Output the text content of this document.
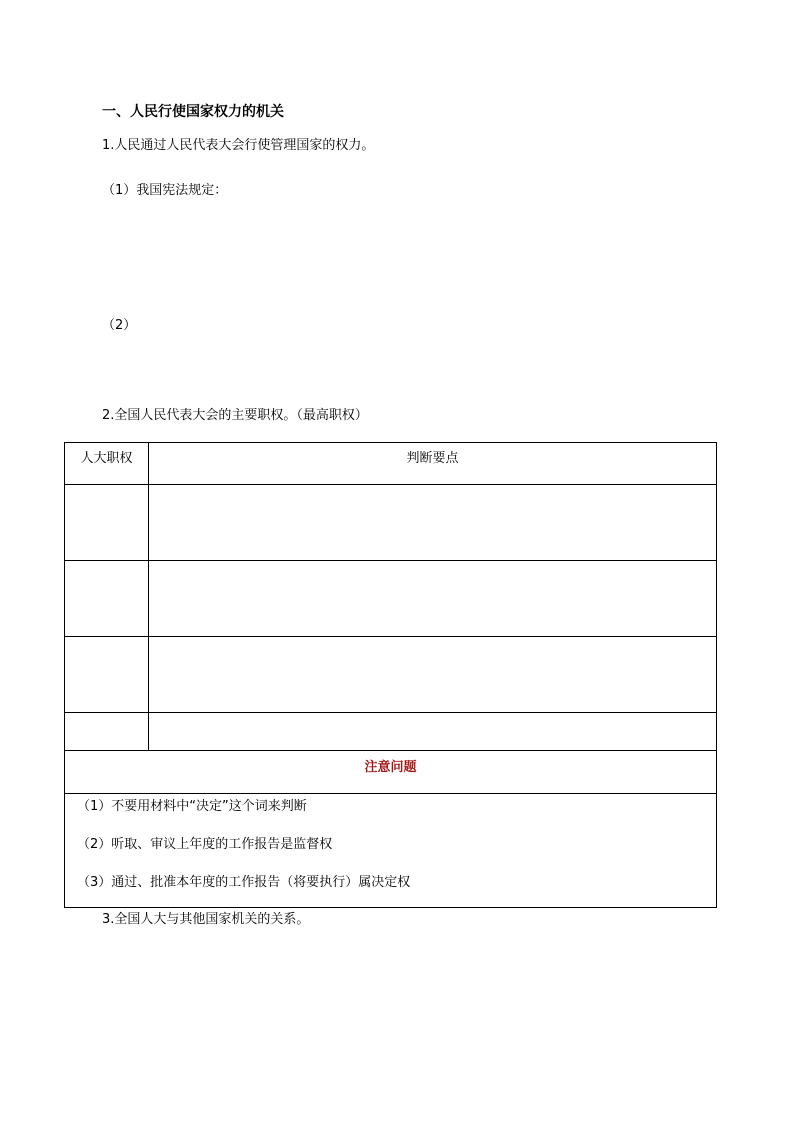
一、人民行使国家权力的机关
1.人民通过人民代表大会行使管理国家的权力。
（1）我国宪法规定：
（2）
2.全国人民代表大会的主要职权。（最高职权）
人大职权	判断要点

注意问题	

（1）不要用材料中“决定”这个词来判断
（2）听取、审议上年度的工作报告是监督权
（3）通过、批准本年度的工作报告（将要执行）属决定权	
3.全国人大与其他国家机关的关系。
